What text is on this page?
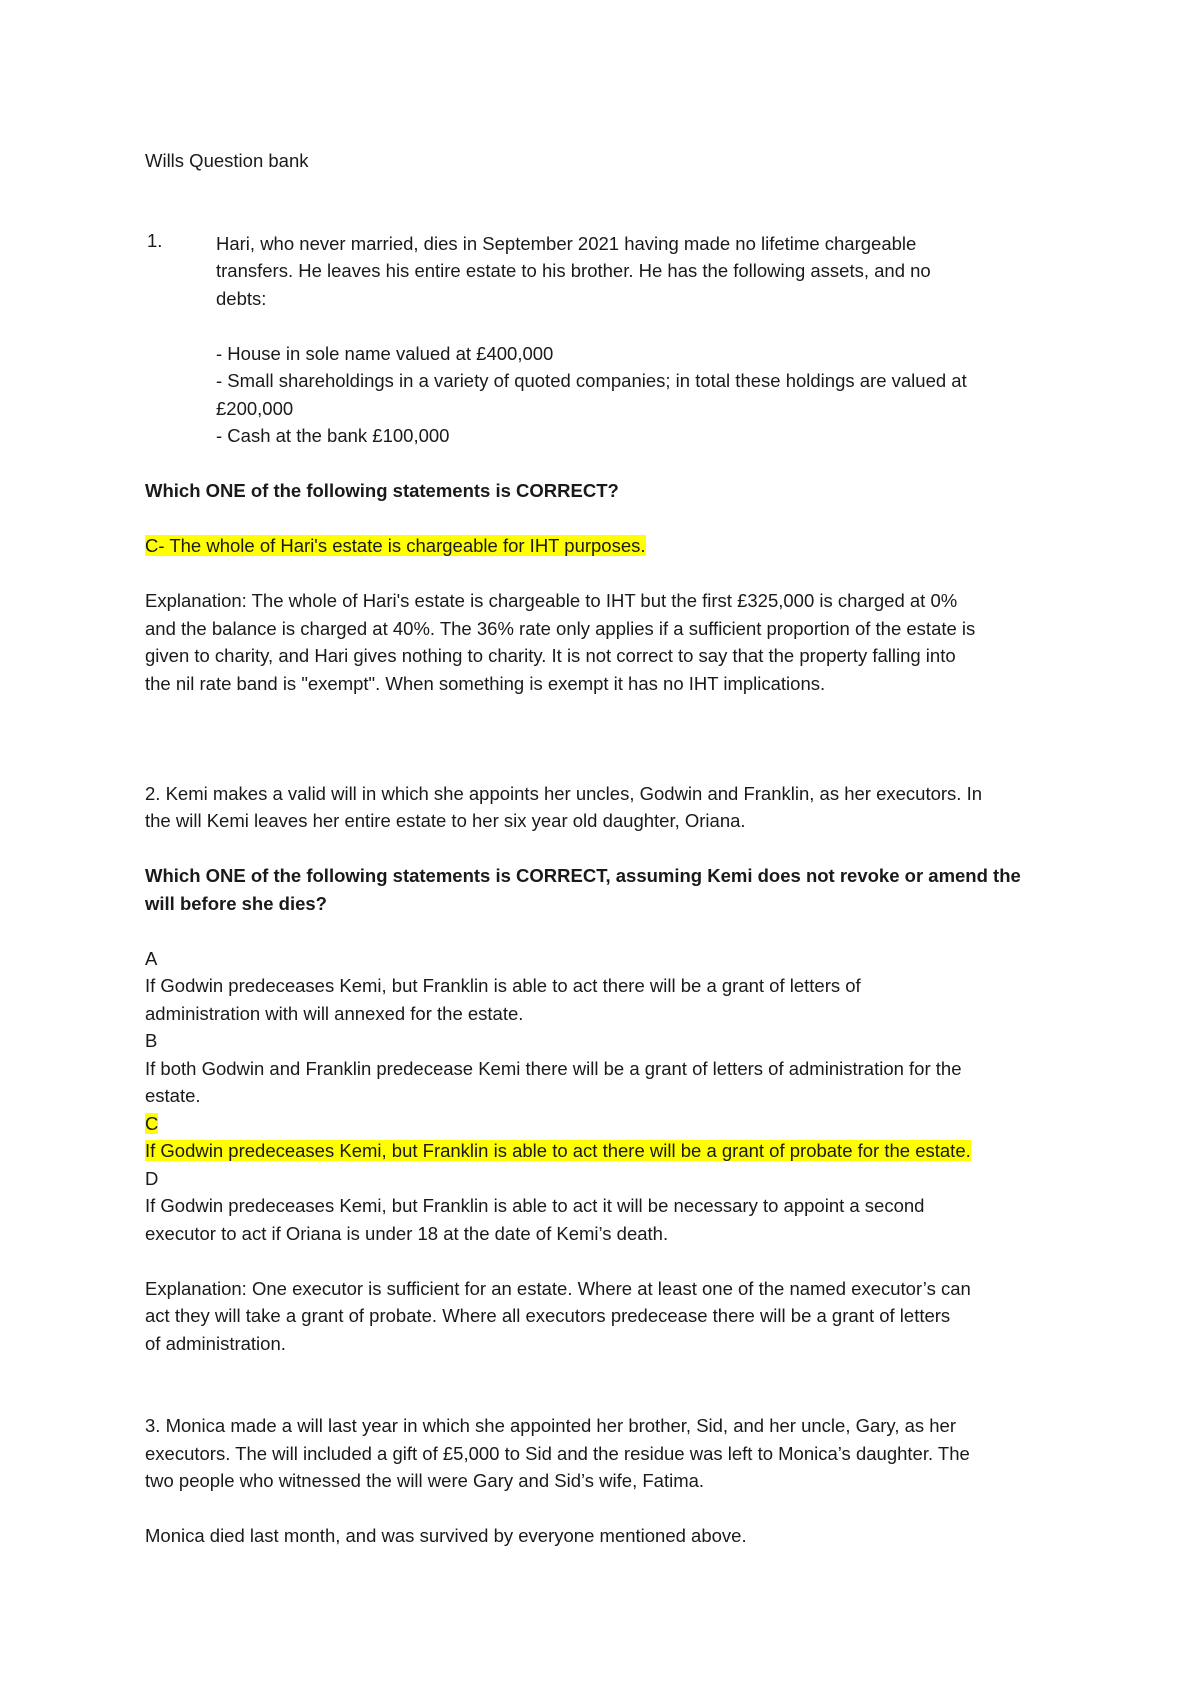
Wills Question bank
1.	Hari, who never married, dies in September 2021 having made no lifetime chargeable
transfers. He leaves his entire estate to his brother. He has the following assets, and no
debts:
- House in sole name valued at £400,000
- Small shareholdings in a variety of quoted companies; in total these holdings are valued at
£200,000
- Cash at the bank £100,000
Which ONE of the following statements is CORRECT?
C- The whole of Hari's estate is chargeable for IHT purposes.
Explanation: The whole of Hari's estate is chargeable to IHT but the first £325,000 is charged at 0%
and the balance is charged at 40%. The 36% rate only applies if a sufficient proportion of the estate is
given to charity, and Hari gives nothing to charity. It is not correct to say that the property falling into
the nil rate band is "exempt". When something is exempt it has no IHT implications.
2. Kemi makes a valid will in which she appoints her uncles, Godwin and Franklin, as her executors. In
the will Kemi leaves her entire estate to her six year old daughter, Oriana.
Which ONE of the following statements is CORRECT, assuming Kemi does not revoke or amend the
will before she dies?
A
If Godwin predeceases Kemi, but Franklin is able to act there will be a grant of letters of
administration with will annexed for the estate.
B
If both Godwin and Franklin predecease Kemi there will be a grant of letters of administration for the
estate.
C
If Godwin predeceases Kemi, but Franklin is able to act there will be a grant of probate for the estate.
D
If Godwin predeceases Kemi, but Franklin is able to act it will be necessary to appoint a second
executor to act if Oriana is under 18 at the date of Kemi’s death.
Explanation: One executor is sufficient for an estate. Where at least one of the named executor’s can
act they will take a grant of probate. Where all executors predecease there will be a grant of letters
of administration.
3. Monica made a will last year in which she appointed her brother, Sid, and her uncle, Gary, as her
executors. The will included a gift of £5,000 to Sid and the residue was left to Monica’s daughter. The
two people who witnessed the will were Gary and Sid’s wife, Fatima.
Monica died last month, and was survived by everyone mentioned above.
